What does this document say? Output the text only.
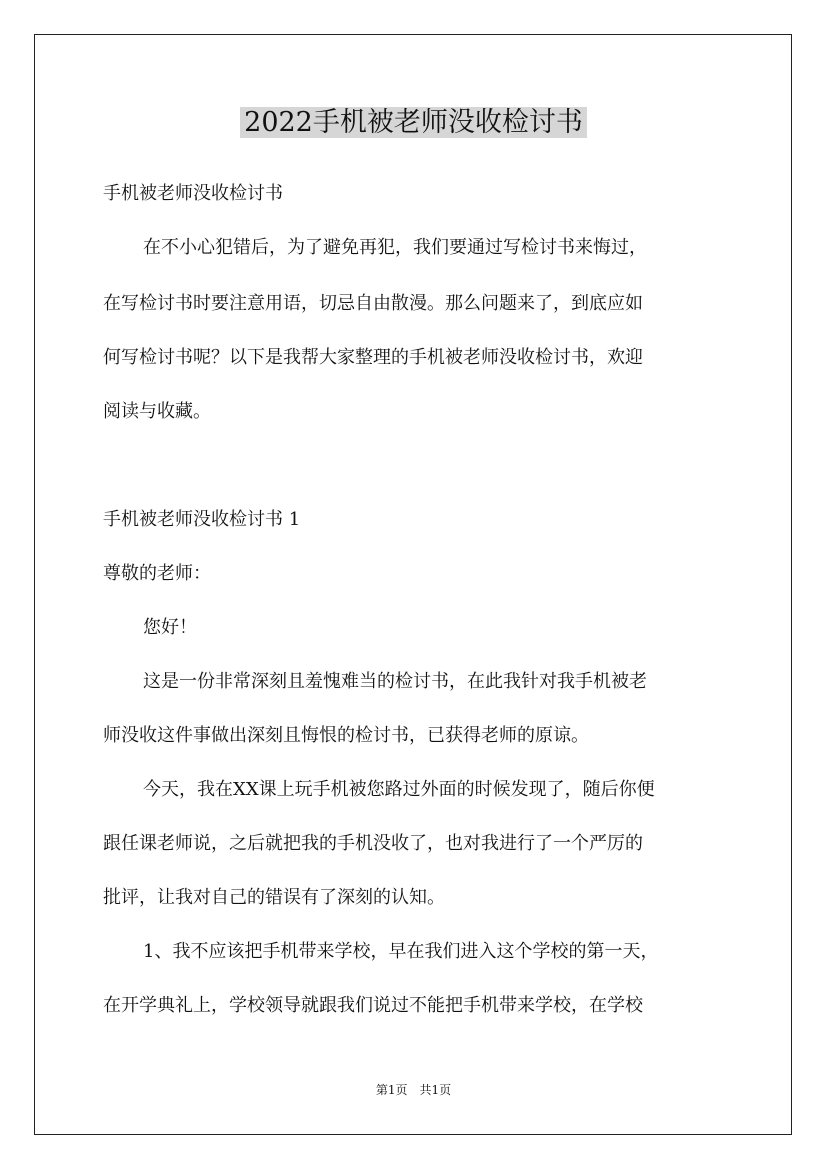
2022手机被老师没收检讨书
手机被老师没收检讨书
在不小心犯错后，为了避免再犯，我们要通过写检讨书来悔过，
在写检讨书时要注意用语，切忌自由散漫。那么问题来了，到底应如
何写检讨书呢？以下是我帮大家整理的手机被老师没收检讨书，欢迎
阅读与收藏。
手机被老师没收检讨书 1
尊敬的老师：
您好！
这是一份非常深刻且羞愧难当的检讨书，在此我针对我手机被老
师没收这件事做出深刻且悔恨的检讨书，已获得老师的原谅。
今天，我在XX课上玩手机被您路过外面的时候发现了，随后你便
跟任课老师说，之后就把我的手机没收了，也对我进行了一个严厉的
批评，让我对自己的错误有了深刻的认知。
1、我不应该把手机带来学校，早在我们进入这个学校的第一天，
在开学典礼上，学校领导就跟我们说过不能把手机带来学校，在学校
第1页　共1页
